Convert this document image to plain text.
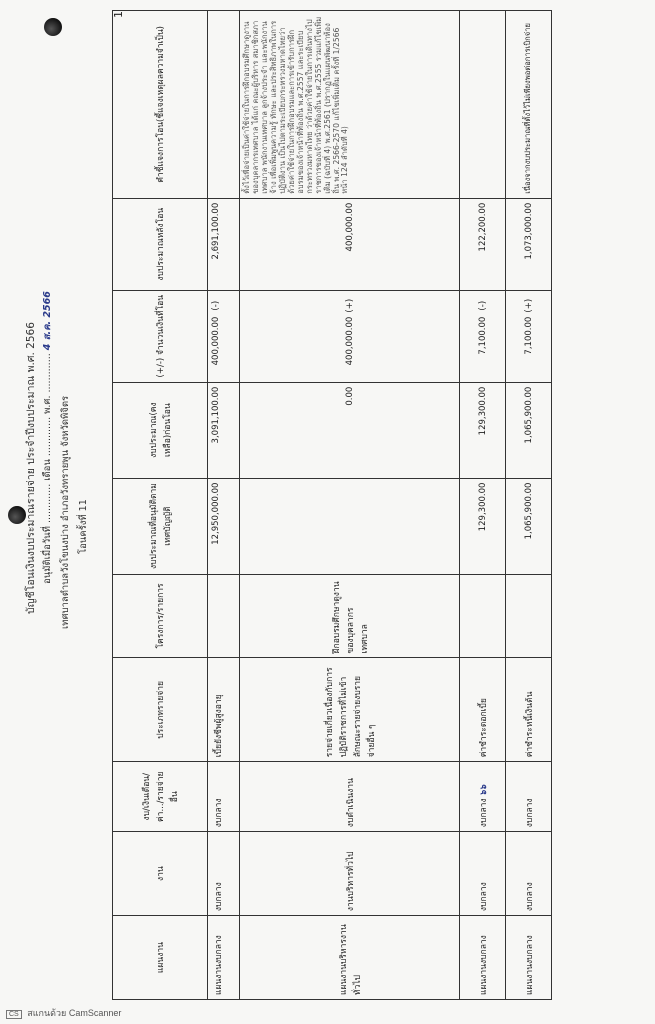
บัญชีโอนเงินงบประมาณรายจ่าย ประจำปีงบประมาณ พ.ศ. 2566 อนุมัติเมื่อวันที่ ............. เดือน ............. พ.ศ. ............. 4 ส.ค. 2566
เทศบาลตำบลวังโขนงบ่าง อำเภอวังทรายพูน จังหวัดพิจิตร โอนครั้งที่ 11
1
แผนงาน	งาน	งบ/เงินเดือน/ค่า.../รายจ่ายอื่น	ประเภทรายจ่าย	โครงการ/รายการ	งบประมาณที่อนุมัติตามเทศบัญญัติ	งบประมาณ(คงเหลือ)ก่อนโอน	(+/-) จำนวนเงินที่โอน	งบประมาณหลังโอน	คำชี้แจงการโอน(ชี้แจงเหตุผลความจำเป็น)
แผนงานงบกลาง	งบกลาง	งบกลาง	เบี้ยยังชีพผู้สูงอายุ		12,950,000.00	3,091,100.00	400,000.00(-)	2,691,100.00	
แผนงานบริหารงานทั่วไป	งานบริหารทั่วไป	งบดำเนินงาน	รายจ่ายเกี่ยวเนื่องกับการปฏิบัติราชการที่ไม่เข้าลักษณะรายจ่ายงบรายจ่ายอื่น ๆ	ฝึกอบรมศึกษาดูงานของบุคลากรเทศบาล		0.00	400,000.00(+)	400,000.00	ตั้งไว้เพื่อจ่ายเป็นค่าใช้จ่ายในการฝึกอบรมศึกษาดูงานของบุคลากรเทศบาล ได้แก่ คณะผู้บริหาร สมาชิกสภาเทศบาล พนักงานเทศบาล ลูกจ้างประจำ และพนักงานจ้าง เพื่อเพิ่มพูนความรู้ ทักษะ และประสิทธิภาพในการปฏิบัติงาน เป็นไปตามระเบียบกระทรวงมหาดไทยว่าด้วยค่าใช้จ่ายในการฝึกอบรมและการเข้ารับการฝึกอบรมของเจ้าหน้าที่ท้องถิ่น พ.ศ.2557 และระเบียบกระทรวงมหาดไทย ว่าด้วยค่าใช้จ่ายในการเดินทางไปราชการของเจ้าหน้าที่ท้องถิ่น พ.ศ.2555 รวมแก้ไขเพิ่มเติม (ฉบับที่ 4) พ.ศ.2561 (ปรากฏในแผนพัฒนาท้องถิ่น พ.ศ. 2566-2570 แก้ไขเพิ่มเติม ครั้งที่ 1/2566 หน้า 124 ลำดับที่ 4)
แผนงานงบกลาง	งบกลาง	งบกลาง ๖๖	ค่าชำระดอกเบี้ย		129,300.00	129,300.00	7,100.00(-)	122,200.00	
แผนงานงบกลาง	งบกลาง	งบกลาง	ค่าชำระหนี้เงินต้น		1,065,900.00	1,065,900.00	7,100.00(+)	1,073,000.00	เนื่องจากงบประมาณที่ตั้งไว้ไม่เพียงพอต่อการเบิกจ่าย
CS สแกนด้วย CamScanner
